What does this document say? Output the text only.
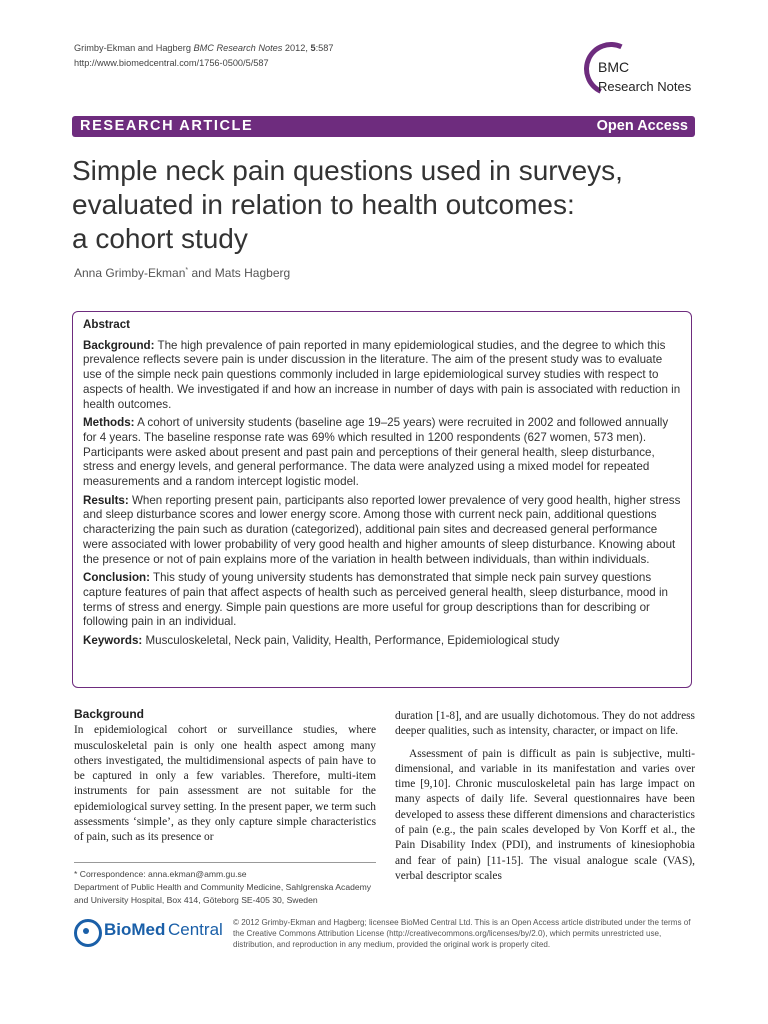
Grimby-Ekman and Hagberg BMC Research Notes 2012, 5:587
http://www.biomedcentral.com/1756-0500/5/587	BMC
Research Notes
RESEARCH ARTICLE	Open Access
Simple neck pain questions used in surveys,
evaluated in relation to health outcomes:
a cohort study
Anna Grimby-Ekman* and Mats Hagberg

Abstract

Background: The high prevalence of pain reported in many epidemiological studies, and the degree to which this prevalence reflects severe pain is under discussion in the literature. The aim of the present study was to evaluate use of the simple neck pain questions commonly included in large epidemiological survey studies with respect to aspects of health. We investigated if and how an increase in number of days with pain is associated with reduction in health outcomes.

Methods: A cohort of university students (baseline age 19–25 years) were recruited in 2002 and followed annually for 4 years. The baseline response rate was 69% which resulted in 1200 respondents (627 women, 573 men). Participants were asked about present and past pain and perceptions of their general health, sleep disturbance, stress and energy levels, and general performance. The data were analyzed using a mixed model for repeated measurements and a random intercept logistic model.

Results: When reporting present pain, participants also reported lower prevalence of very good health, higher stress and sleep disturbance scores and lower energy score. Among those with current neck pain, additional questions characterizing the pain such as duration (categorized), additional pain sites and decreased general performance were associated with lower probability of very good health and higher amounts of sleep disturbance. Knowing about the presence or not of pain explains more of the variation in health between individuals, than within individuals.

Conclusion: This study of young university students has demonstrated that simple neck pain survey questions capture features of pain that affect aspects of health such as perceived general health, sleep disturbance, mood in terms of stress and energy. Simple pain questions are more useful for group descriptions than for describing or following pain in an individual.

Keywords: Musculoskeletal, Neck pain, Validity, Health, Performance, Epidemiological study

Background

In epidemiological cohort or surveillance studies, where musculoskeletal pain is only one health aspect among many others investigated, the multidimensional aspects of pain have to be captured in only a few variables. Therefore, multi-item instruments for pain assessment are not suitable for the epidemiological survey setting. In the present paper, we term such assessments ‘simple’, as they only capture simple characteristics of pain, such as its presence or

duration [1-8], and are usually dichotomous. They do not address deeper qualities, such as intensity, character, or impact on life.

Assessment of pain is difficult as pain is subjective, multi-dimensional, and variable in its manifestation and varies over time [9,10]. Chronic musculoskeletal pain has large impact on many aspects of daily life. Several questionnaires have been developed to assess these different dimensions and characteristics of pain (e.g., the pain scales developed by Von Korff et al., the Pain Disability Index (PDI), and instruments of kinesiophobia and fear of pain) [11-15]. The visual analogue scale (VAS), verbal descriptor scales

* Correspondence: anna.ekman@amm.gu.se
Department of Public Health and Community Medicine, Sahlgrenska Academy and University Hospital, Box 414, Göteborg SE-405 30, Sweden
BioMed Central © 2012 Grimby-Ekman and Hagberg; licensee BioMed Central Ltd. This is an Open Access article distributed under the terms of the Creative Commons Attribution License (http://creativecommons.org/licenses/by/2.0), which permits unrestricted use, distribution, and reproduction in any medium, provided the original work is properly cited.
